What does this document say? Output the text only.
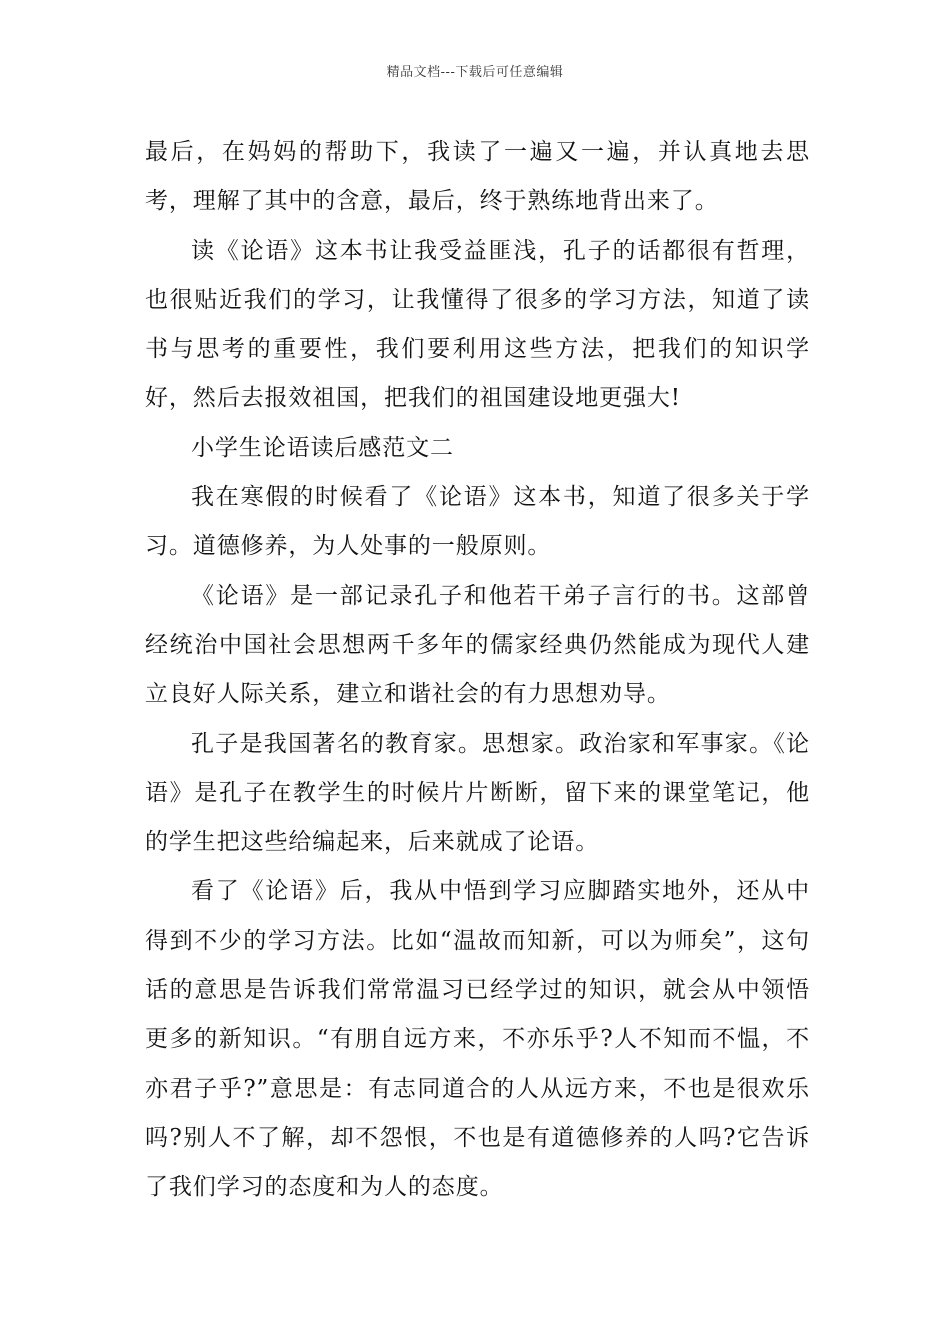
精品文档---下载后可任意编辑

最后，在妈妈的帮助下，我读了一遍又一遍，并认真地去思考，理解了其中的含意，最后，终于熟练地背出来了。

读《论语》这本书让我受益匪浅，孔子的话都很有哲理，也很贴近我们的学习，让我懂得了很多的学习方法，知道了读书与思考的重要性，我们要利用这些方法，把我们的知识学好，然后去报效祖国，把我们的祖国建设地更强大!

小学生论语读后感范文二

我在寒假的时候看了《论语》这本书，知道了很多关于学习。道德修养，为人处事的一般原则。

《论语》是一部记录孔子和他若干弟子言行的书。这部曾经统治中国社会思想两千多年的儒家经典仍然能成为现代人建立良好人际关系，建立和谐社会的有力思想劝导。

孔子是我国著名的教育家。思想家。政治家和军事家。《论语》是孔子在教学生的时候片片断断，留下来的课堂笔记，他的学生把这些给编起来，后来就成了论语。

看了《论语》后，我从中悟到学习应脚踏实地外，还从中得到不少的学习方法。比如“温故而知新，可以为师矣”，这句话的意思是告诉我们常常温习已经学过的知识，就会从中领悟更多的新知识。“有朋自远方来，不亦乐乎?人不知而不愠，不亦君子乎?”意思是：有志同道合的人从远方来，不也是很欢乐吗?别人不了解，却不怨恨，不也是有道德修养的人吗?它告诉了我们学习的态度和为人的态度。
